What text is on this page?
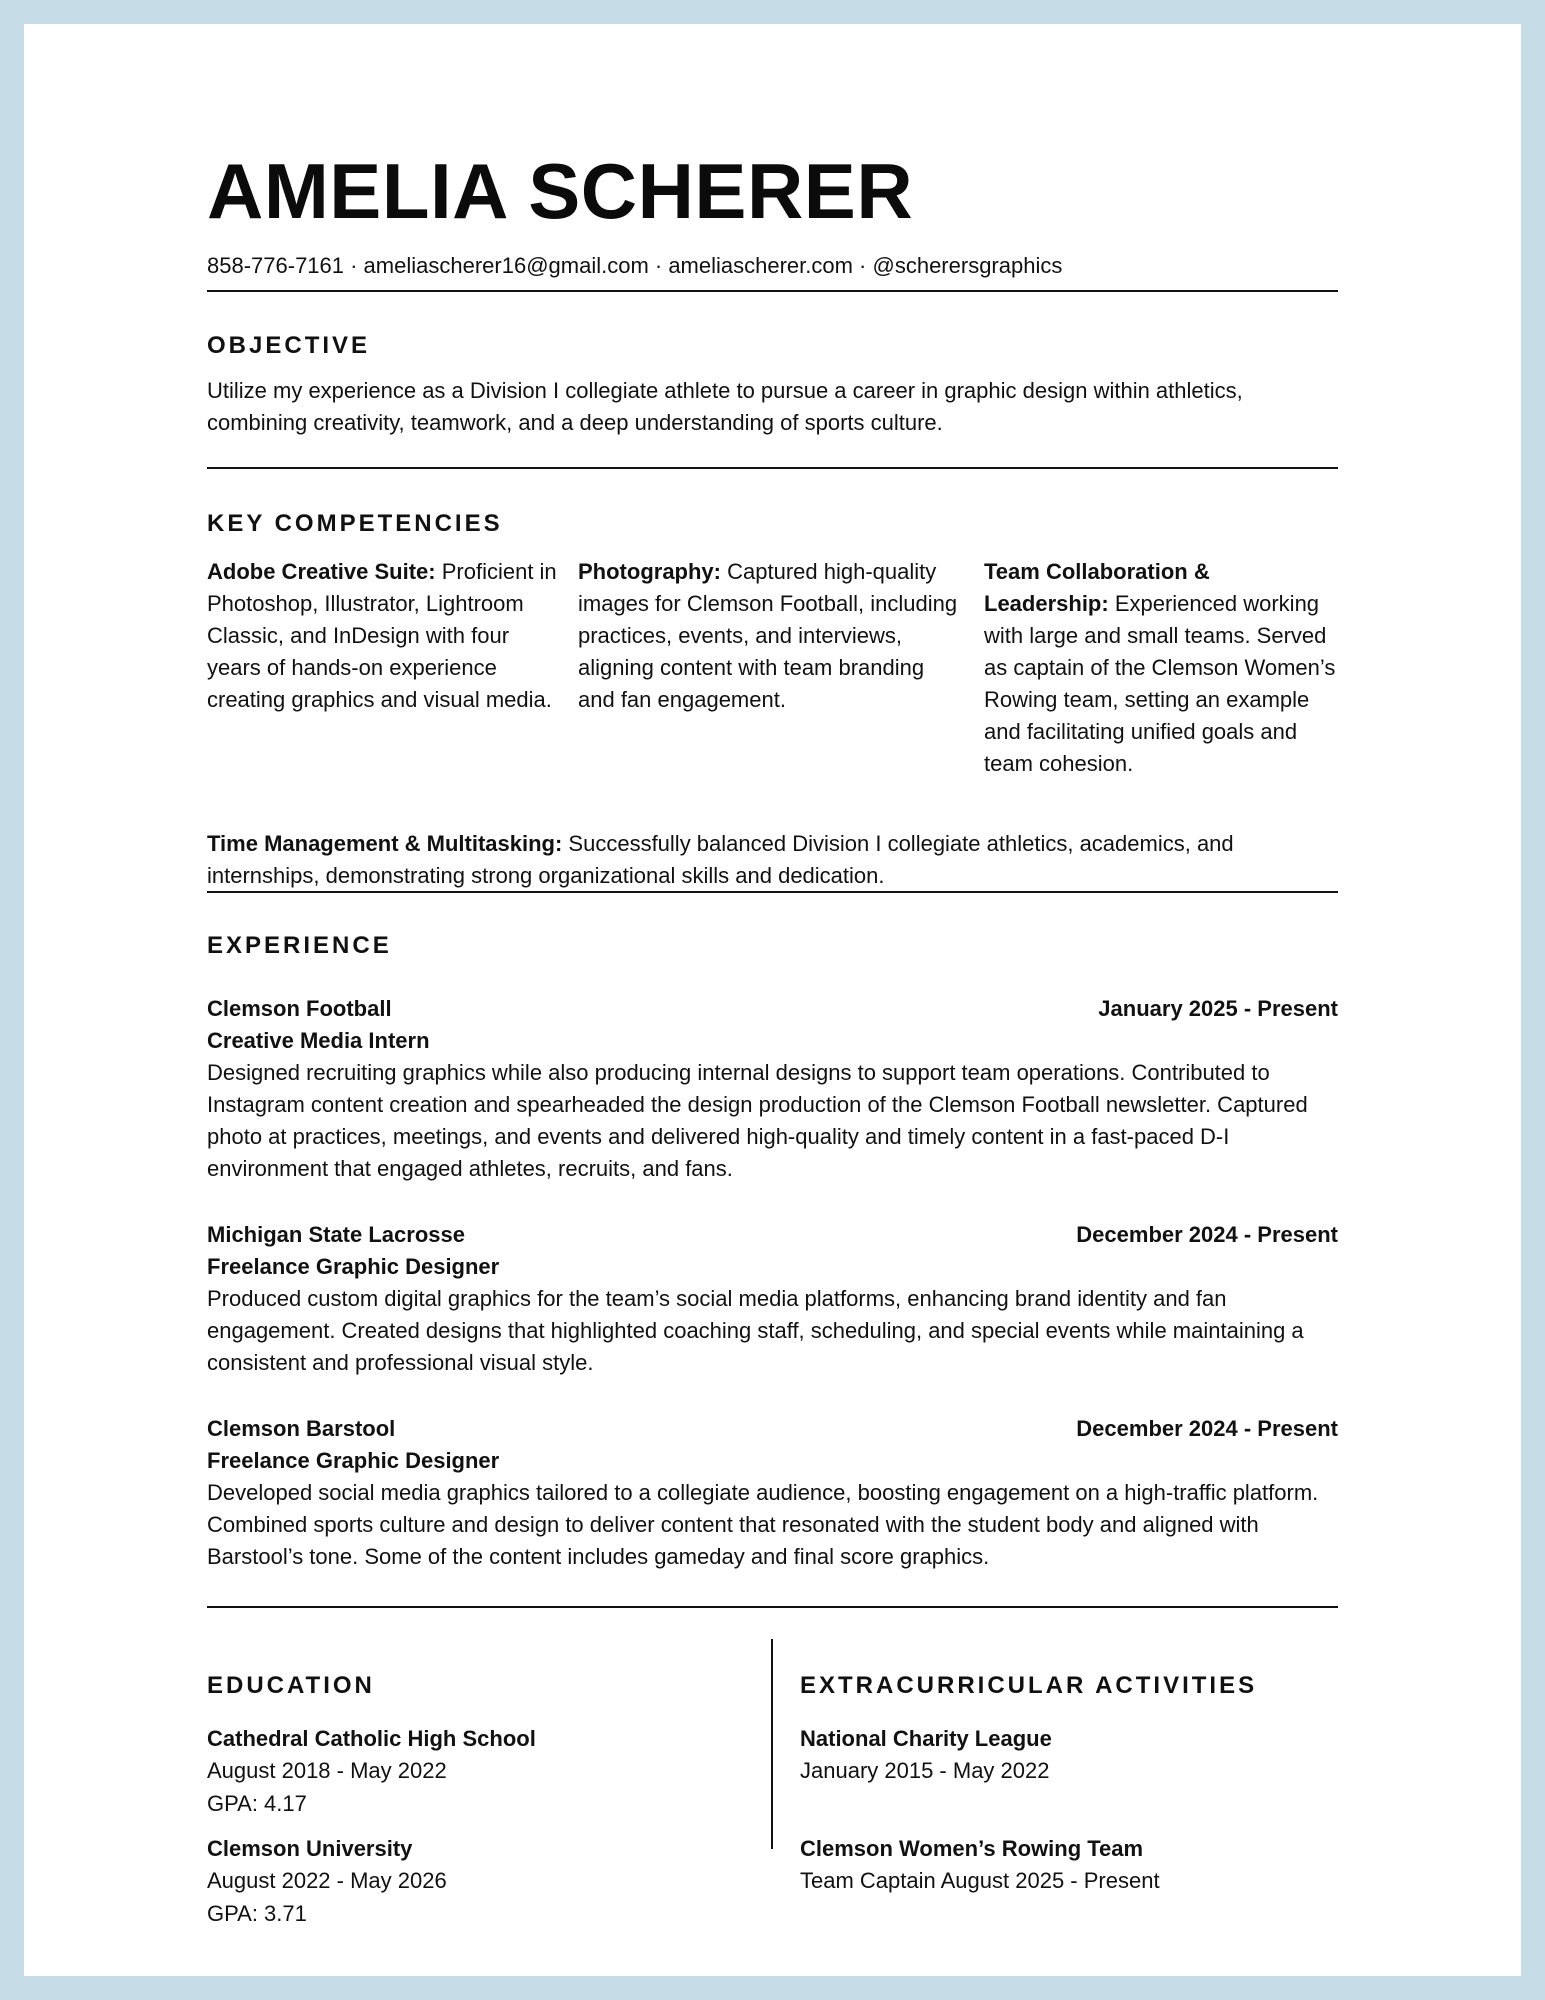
AMELIA SCHERER
858-776-7161 · ameliascherer16@gmail.com · ameliascherer.com · @scherersgraphics
OBJECTIVE
Utilize my experience as a Division I collegiate athlete to pursue a career in graphic design within athletics, combining creativity, teamwork, and a deep understanding of sports culture.
KEY COMPETENCIES
Adobe Creative Suite: Proficient in Photoshop, Illustrator, Lightroom Classic, and InDesign with four years of hands-on experience creating graphics and visual media.
Photography: Captured high-quality images for Clemson Football, including practices, events, and interviews, aligning content with team branding and fan engagement.
Team Collaboration & Leadership: Experienced working with large and small teams. Served as captain of the Clemson Women’s Rowing team, setting an example and facilitating unified goals and team cohesion.
Time Management & Multitasking: Successfully balanced Division I collegiate athletics, academics, and internships, demonstrating strong organizational skills and dedication.
EXPERIENCE
Clemson Football	January 2025 - Present
Creative Media Intern
Designed recruiting graphics while also producing internal designs to support team operations. Contributed to Instagram content creation and spearheaded the design production of the Clemson Football newsletter. Captured photo at practices, meetings, and events and delivered high-quality and timely content in a fast-paced D-I environment that engaged athletes, recruits, and fans.
Michigan State Lacrosse	December 2024 - Present
Freelance Graphic Designer
Produced custom digital graphics for the team’s social media platforms, enhancing brand identity and fan engagement. Created designs that highlighted coaching staff, scheduling, and special events while maintaining a consistent and professional visual style.
Clemson Barstool	December 2024 - Present
Freelance Graphic Designer
Developed social media graphics tailored to a collegiate audience, boosting engagement on a high-traffic platform. Combined sports culture and design to deliver content that resonated with the student body and aligned with Barstool’s tone. Some of the content includes gameday and final score graphics.
EDUCATION
Cathedral Catholic High School
August 2018 - May 2022
GPA: 4.17
Clemson University
August 2022 - May 2026
GPA: 3.71
EXTRACURRICULAR ACTIVITIES
National Charity League
January 2015 - May 2022
Clemson Women’s Rowing Team
Team Captain August 2025 - Present
